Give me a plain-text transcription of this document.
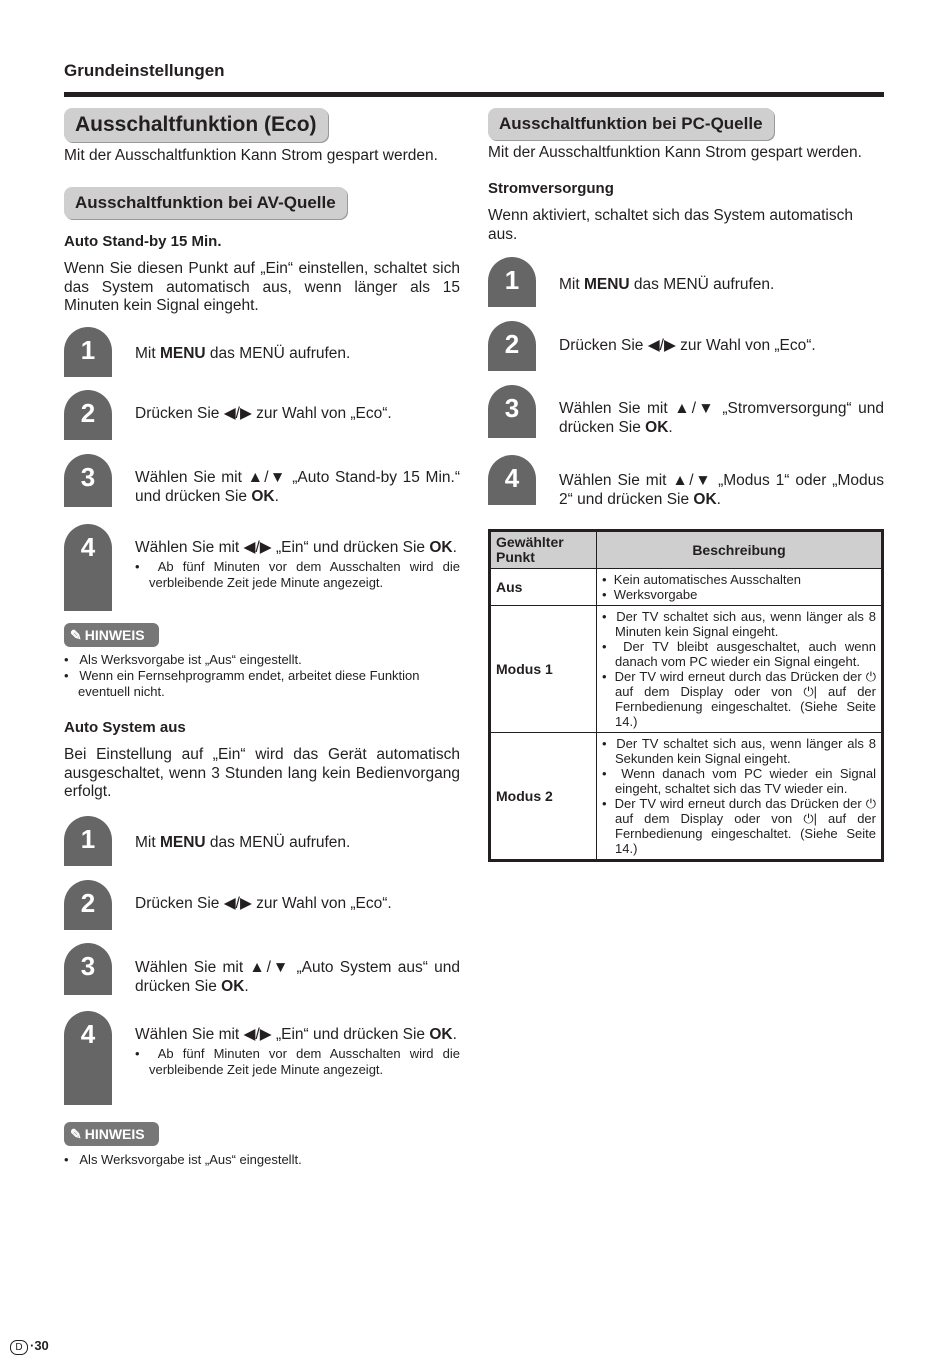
Grundeinstellungen
Ausschaltfunktion (Eco)
Mit der Ausschaltfunktion Kann Strom gespart werden.
Ausschaltfunktion bei AV-Quelle
Auto Stand-by 15 Min.
Wenn Sie diesen Punkt auf „Ein“ einstellen, schaltet sich das System automatisch aus, wenn länger als 15 Minuten kein Signal eingeht.
1	Mit MENU das MENÜ aufrufen.
2	Drücken Sie ◀/▶ zur Wahl von „Eco“.
3	Wählen Sie mit ▲/▼ „Auto Stand-by 15 Min.“ und drücken Sie OK.
4	Wählen Sie mit ◀/▶ „Ein“ und drücken Sie OK.
•  Ab fünf Minuten vor dem Ausschalten wird die verbleibende Zeit jede Minute angezeigt.
✎ HINWEIS
•   Als Werksvorgabe ist „Aus“ eingestellt.
•   Wenn ein Fernsehprogramm endet, arbeitet diese Funktion eventuell nicht.
Auto System aus
Bei Einstellung auf „Ein“ wird das Gerät automatisch ausgeschaltet, wenn 3 Stunden lang kein Bedienvorgang erfolgt.
1	Mit MENU das MENÜ aufrufen.
2	Drücken Sie ◀/▶ zur Wahl von „Eco“.
3	Wählen Sie mit ▲/▼ „Auto System aus“ und drücken Sie OK.
4	Wählen Sie mit ◀/▶ „Ein“ und drücken Sie OK.
•  Ab fünf Minuten vor dem Ausschalten wird die verbleibende Zeit jede Minute angezeigt.
✎ HINWEIS
•   Als Werksvorgabe ist „Aus“ eingestellt.
Ausschaltfunktion bei PC-Quelle
Mit der Ausschaltfunktion Kann Strom gespart werden.
Stromversorgung
Wenn aktiviert, schaltet sich das System automatisch aus.
1	Mit MENU das MENÜ aufrufen.
2	Drücken Sie ◀/▶ zur Wahl von „Eco“.
3	Wählen Sie mit ▲/▼ „Stromversorgung“ und drücken Sie OK.
4	Wählen Sie mit ▲/▼ „Modus 1“ oder „Modus 2“ und drücken Sie OK.
Gewählter Punkt	Beschreibung
Aus	•  Kein automatisches Ausschalten
•  Werksvorgabe

Modus 1	•  Der TV schaltet sich aus, wenn länger als 8 Minuten kein Signal eingeht.
•  Der TV bleibt ausgeschaltet, auch wenn danach vom PC wieder ein Signal eingeht.
•  Der TV wird erneut durch das Drücken der ⏻ auf dem Display oder von ⏻| auf der Fernbedienung eingeschaltet. (Siehe Seite 14.)

Modus 2	•  Der TV schaltet sich aus, wenn länger als 8 Sekunden kein Signal eingeht.
•  Wenn danach vom PC wieder ein Signal eingeht, schaltet sich das TV wieder ein.
•  Der TV wird erneut durch das Drücken der ⏻ auf dem Display oder von ⏻| auf der Fernbedienung eingeschaltet. (Siehe Seite 14.)
D ·30
